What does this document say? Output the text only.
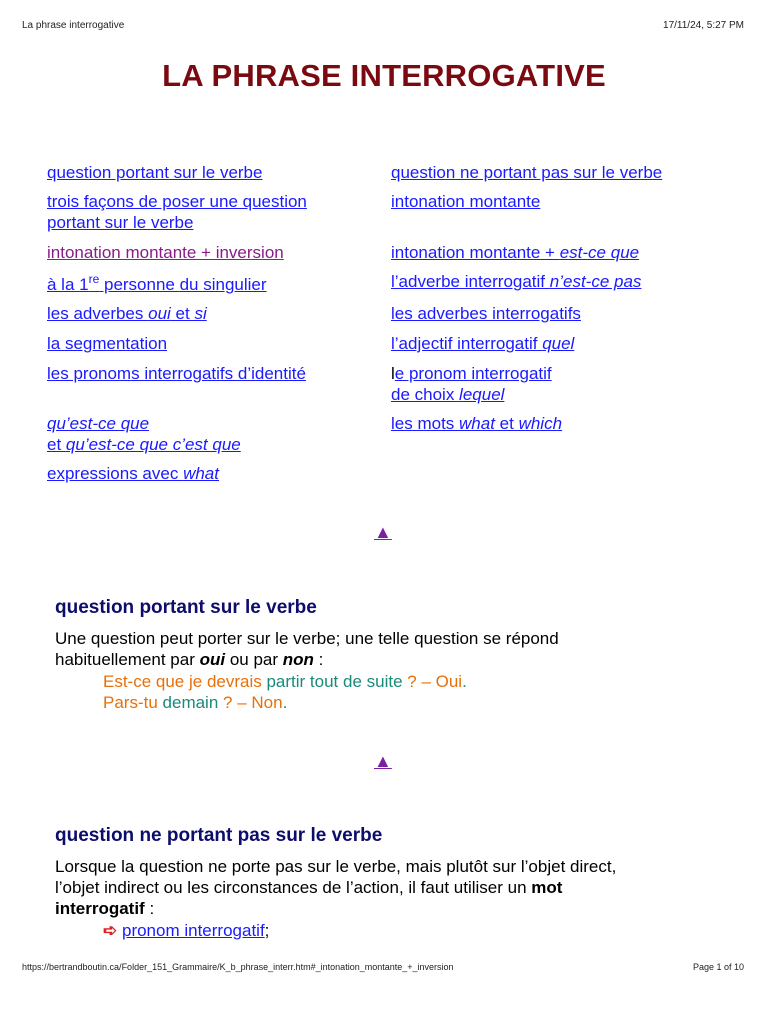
La phrase interrogative	17/11/24, 5:27 PM
LA PHRASE INTERROGATIVE
question portant sur le verbe
trois façons de poser une question
portant sur le verbe
intonation montante + inversion
à la 1re personne du singulier
les adverbes oui et si
la segmentation
les pronoms interrogatifs d’identité
qu’est-ce que
et qu’est-ce que c’est que
expressions avec what
question ne portant pas sur le verbe
intonation montante
intonation montante + est-ce que
l’adverbe interrogatif n’est-ce pas
les adverbes interrogatifs
l’adjectif interrogatif quel
le pronom interrogatif
de choix lequel
les mots what et which
▲
question portant sur le verbe

Une question peut porter sur le verbe; une telle question se répond
habituellement par oui ou par non :

Est-ce que je devrais partir tout de suite ? – Oui.
Pars-tu demain ? – Non.
▲
question ne portant pas sur le verbe

Lorsque la question ne porte pas sur le verbe, mais plutôt sur l’objet direct,
l’objet indirect ou les circonstances de l’action, il faut utiliser un mot
interrogatif :

➪ pronom interrogatif;
https://bertrandboutin.ca/Folder_151_Grammaire/K_b_phrase_interr.htm#_intonation_montante_+_inversion	Page 1 of 10
